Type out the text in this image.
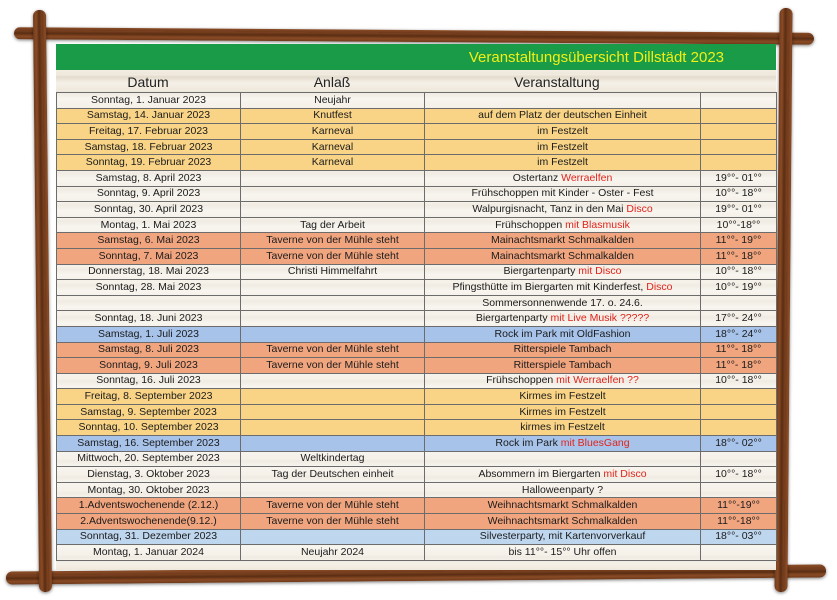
Veranstaltungsübersicht Dillstädt 2023
Datum	Anlaß	Veranstaltung
Sonntag, 1. Januar 2023	Neujahr		
Samstag, 14. Januar 2023	Knutfest	auf dem Platz der deutschen Einheit	
Freitag, 17. Februar 2023	Karneval	im Festzelt	
Samstag, 18. Februar 2023	Karneval	im Festzelt	
Sonntag, 19. Februar 2023	Karneval	im Festzelt	
Samstag, 8. April 2023		Ostertanz Werraelfen	19°°- 01°°
Sonntag, 9. April 2023		Frühschoppen mit Kinder - Oster - Fest	10°°- 18°°
Sonntag, 30. April 2023		Walpurgisnacht, Tanz in den Mai Disco	19°°- 01°°
Montag, 1. Mai 2023	Tag der Arbeit	Frühschoppen mit Blasmusik	10°°-18°°
Samstag, 6. Mai 2023	Taverne von der Mühle steht	Mainachtsmarkt Schmalkalden	11°°- 19°°
Sonntag, 7. Mai 2023	Taverne von der Mühle steht	Mainachtsmarkt Schmalkalden	11°°- 18°°
Donnerstag, 18. Mai 2023	Christi Himmelfahrt	Biergartenparty mit Disco	10°°- 18°°
Sonntag, 28. Mai 2023		Pfingsthütte im Biergarten mit Kinderfest, Disco	10°°- 19°°
		Sommersonnenwende 17. o. 24.6.	
Sonntag, 18. Juni 2023		Biergartenparty mit Live Musik ?????	17°°- 24°°
Samstag, 1. Juli 2023		Rock im Park mit OldFashion	18°°- 24°°
Samstag, 8. Juli 2023	Taverne von der Mühle steht	Ritterspiele Tambach	11°°- 18°°
Sonntag, 9. Juli 2023	Taverne von der Mühle steht	Ritterspiele Tambach	11°°- 18°°
Sonntag, 16. Juli 2023		Frühschoppen mit Werraelfen ??	10°°- 18°°
Freitag, 8. September 2023		Kirmes im Festzelt	
Samstag, 9. September 2023		Kirmes im Festzelt	
Sonntag, 10. September 2023		kirmes im Festzelt	
Samstag, 16. September 2023		Rock im Park mit BluesGang	18°°- 02°°
Mittwoch, 20. September 2023	Weltkindertag		
Dienstag, 3. Oktober 2023	Tag der Deutschen einheit	Absommern im Biergarten mit Disco	10°°- 18°°
Montag, 30. Oktober 2023		Halloweenparty ?	
1.Adventswochenende (2.12.)	Taverne von der Mühle steht	Weihnachtsmarkt Schmalkalden	11°°-19°°
2.Adventswochenende(9.12.)	Taverne von der Mühle steht	Weihnachtsmarkt Schmalkalden	11°°-18°°
Sonntag, 31. Dezember 2023		Silvesterparty, mit Kartenvorverkauf	18°°- 03°°
Montag, 1. Januar 2024	Neujahr 2024	bis 11°°- 15°° Uhr offen	
